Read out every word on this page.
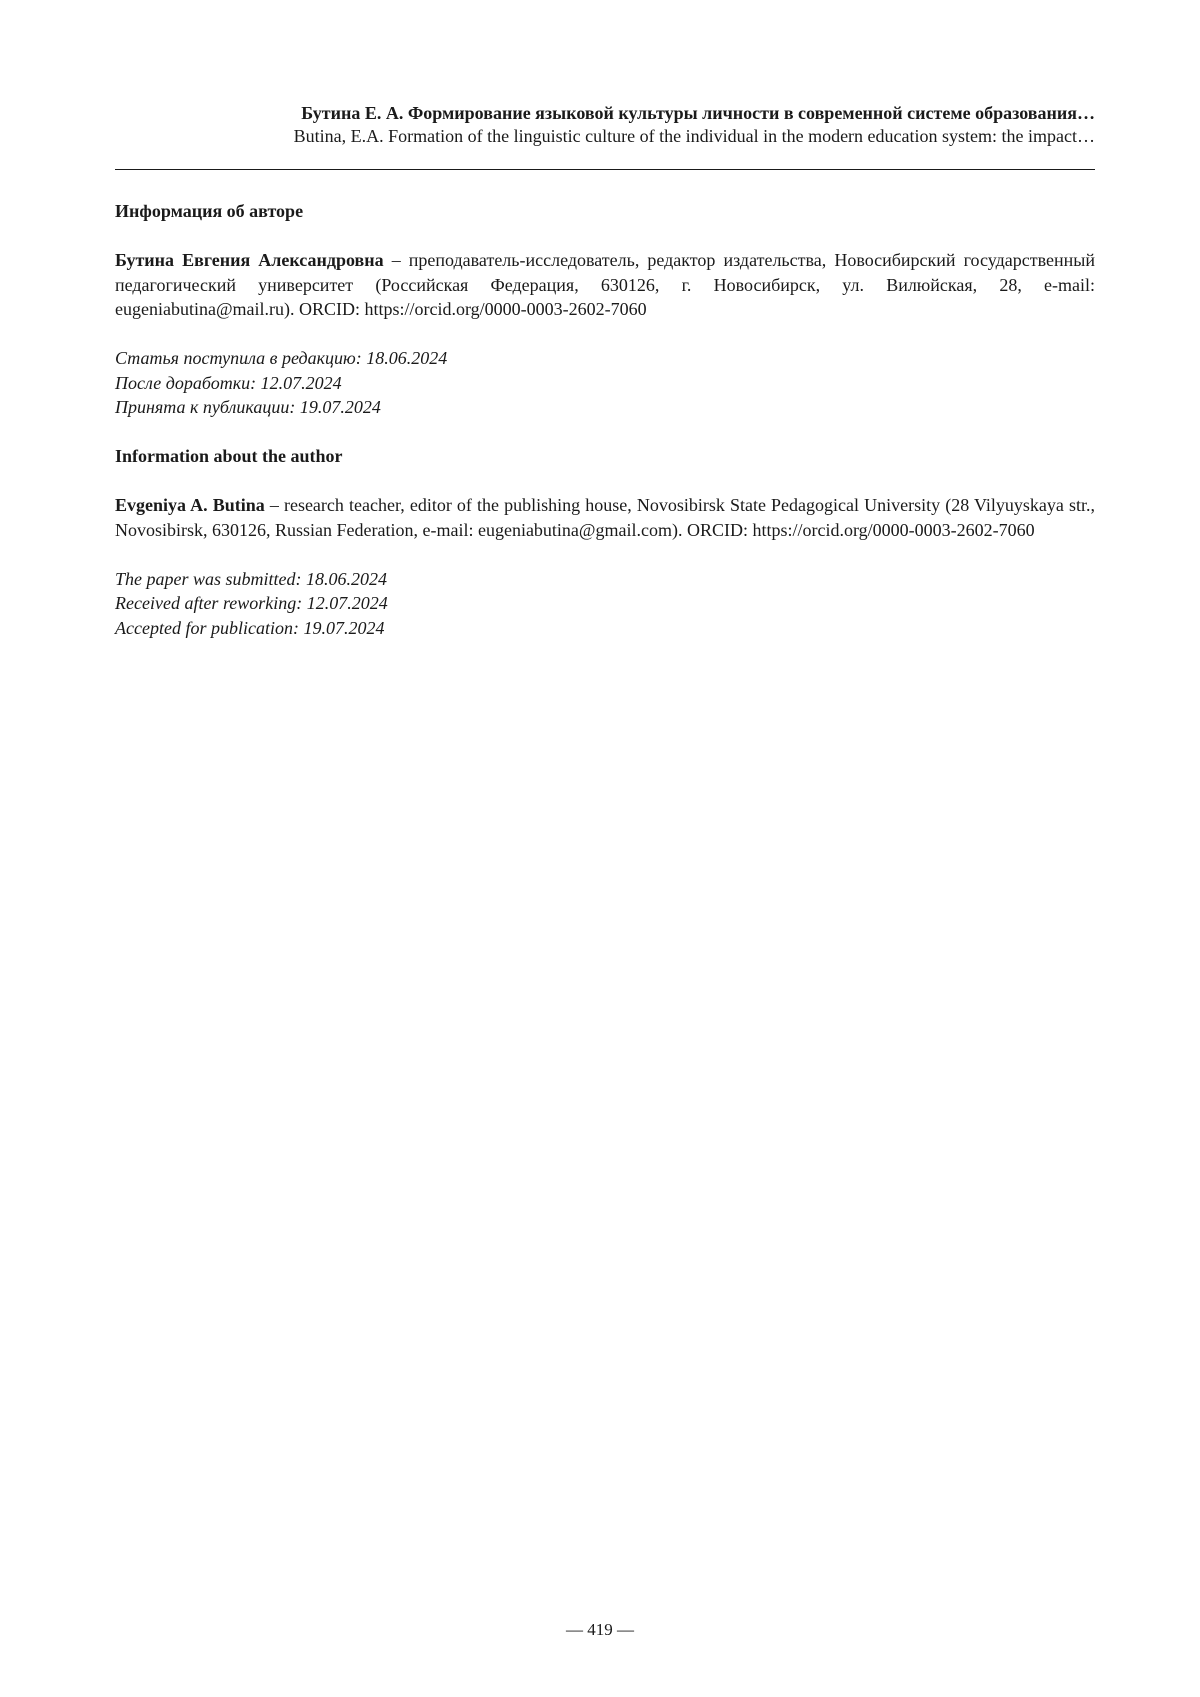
Бутина Е. А. Формирование языковой культуры личности в современной системе образования…
Butina, E.A. Formation of the linguistic culture of the individual in the modern education system: the impact…

Информация об авторе

Бутина Евгения Александровна – преподаватель-исследователь, редактор издательства, Новосибирский государственный педагогический университет (Российская Федерация, 630126, г. Новосибирск, ул. Вилюйская, 28, e-mail: eugeniabutina@mail.ru). ORCID: https://orcid.org/0000-0003-2602-7060

Статья поступила в редакцию: 18.06.2024
После доработки: 12.07.2024
Принята к публикации: 19.07.2024

Information about the author

Evgeniya A. Butina – research teacher, editor of the publishing house, Novosibirsk State Pedagogical University (28 Vilyuyskaya str., Novosibirsk, 630126, Russian Federation, e-mail: eugeniabutina@gmail.com). ORCID: https://orcid.org/0000-0003-2602-7060

The paper was submitted: 18.06.2024
Received after reworking: 12.07.2024
Accepted for publication: 19.07.2024

— 419 —
